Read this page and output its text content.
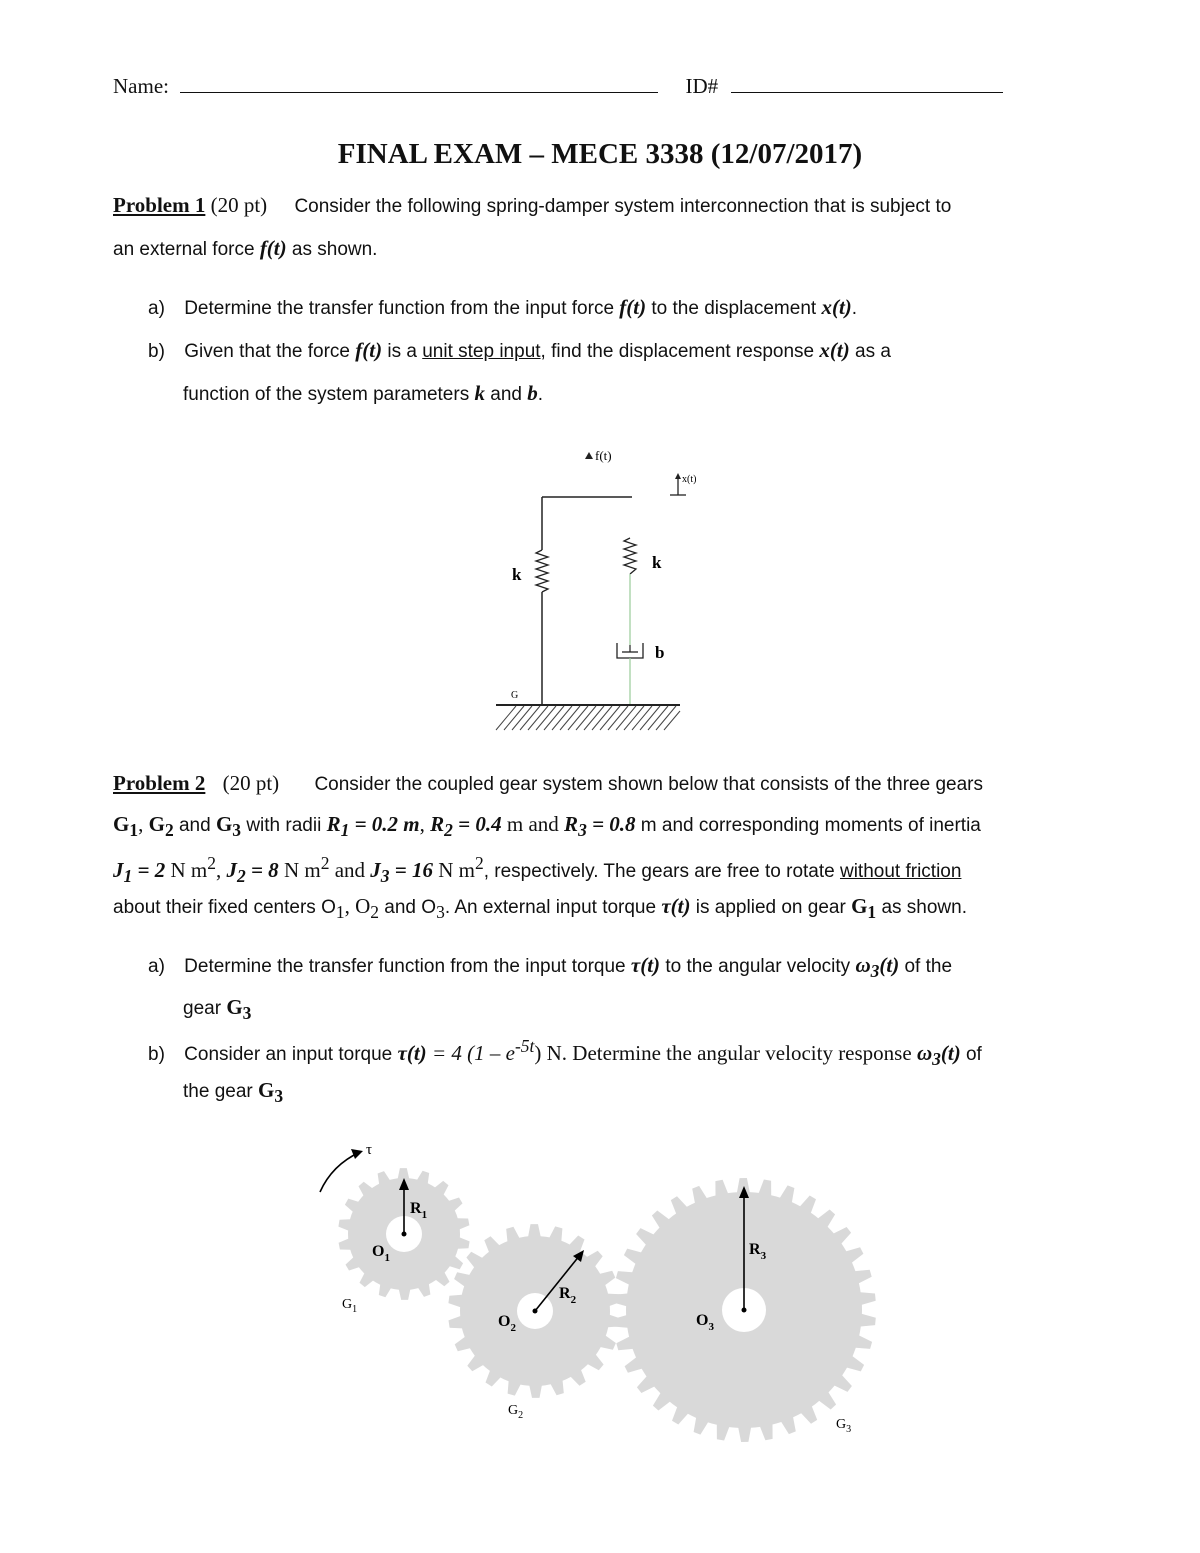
Name:	ID#
FINAL EXAM – MECE 3338 (12/07/2017)
Problem 1 (20 pt) Consider the following spring-damper system interconnection that is subject to
an external force f(t) as shown.
a) Determine the transfer function from the input force f(t) to the displacement x(t).
b) Given that the force f(t) is a unit step input, find the displacement response x(t) as a
function of the system parameters k and b.
f(t)
x(t)
k
k
b
G
Problem 2 (20 pt) Consider the coupled gear system shown below that consists of the three gears
$G_1$, $G_2$ and $G_3$ with radii $R_1 = 0.2$ m, $R_2 = 0.4$ m and $R_3 = 0.8$ m and corresponding moments of inertia
$J_1 = 2$ N $m^2$, $J_2 = 8$ N $m^2$ and $J_3 = 16$ N $m^2$, respectively. The gears are free to rotate without friction
about their fixed centers $O_1$, $O_2$ and $O_3$. An external input torque τ(t) is applied on gear $G_1$ as shown.
a) Determine the transfer function from the input torque τ(t) to the angular velocity $\omega_3(t)$ of the
gear $G_3$
b) Consider an input torque τ(t) = 4 $(1 - e^{-5t})$ N. Determine the angular velocity response $\omega_3(t)$ of
the gear $G_3$
τ
$R_1$
$O_1$
$G_1$
$R_2$
$O_2$
$G_2$
$R_3$
$O_3$
$G_3$
